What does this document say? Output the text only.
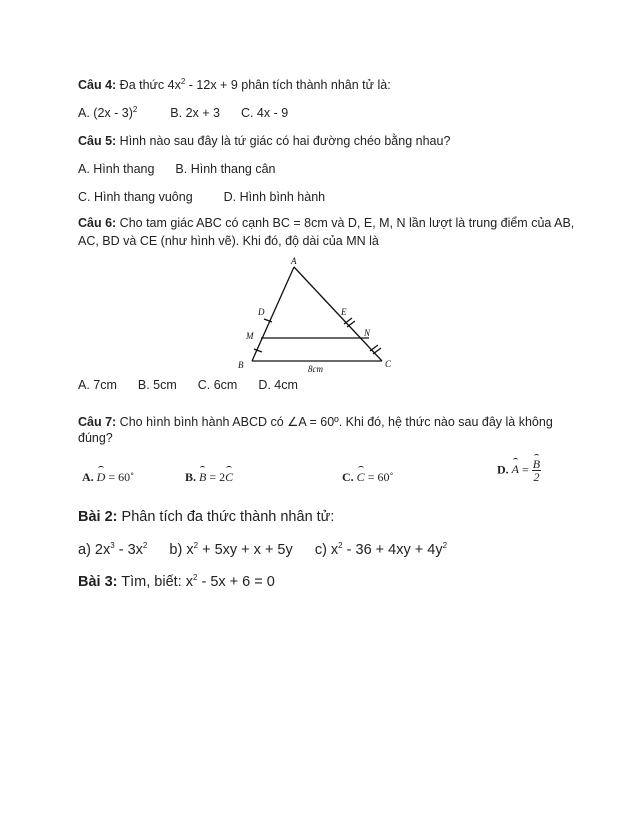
Câu 4: Đa thức $4x^2 - 12x + 9$ phân tích thành nhân tử là:
A. (2x - 3)$^2$	B. 2x + 3 C. 4x - 9
Câu 5: Hình nào sau đây là tứ giác có hai đường chéo bằng nhau?
A. Hình thang B. Hình thang cân
C. Hình thang vuông D. Hình bình hành
Câu 6: Cho tam giác ABC có cạnh BC = 8cm và D, E, M, N lần lượt là trung điểm của AB,
AC, BD và CE (như hình vẽ). Khi đó, độ dài của MN là
A
D	E
M	N
B	C
8cm
A. 7cm B. 5cm C. 6cm D. 4cm
Câu 7: Cho hình bình hành ABCD có ∠A = 60º. Khi đó, hệ thức nào sau đây là không
đúng?
A. D = 60˚	B. B = 2C	C. C = 60˚
D. $A = \frac{B}{2}$
Bài 2: Phân tích đa thức thành nhân tử:
a) $2x^3 - 3x^2$ b) $x^2 + 5xy + x + 5y$ c) $x^2 - 36 + 4xy + 4y^2$
Bài 3: Tìm, biết: $x^2 - 5x + 6 = 0$
